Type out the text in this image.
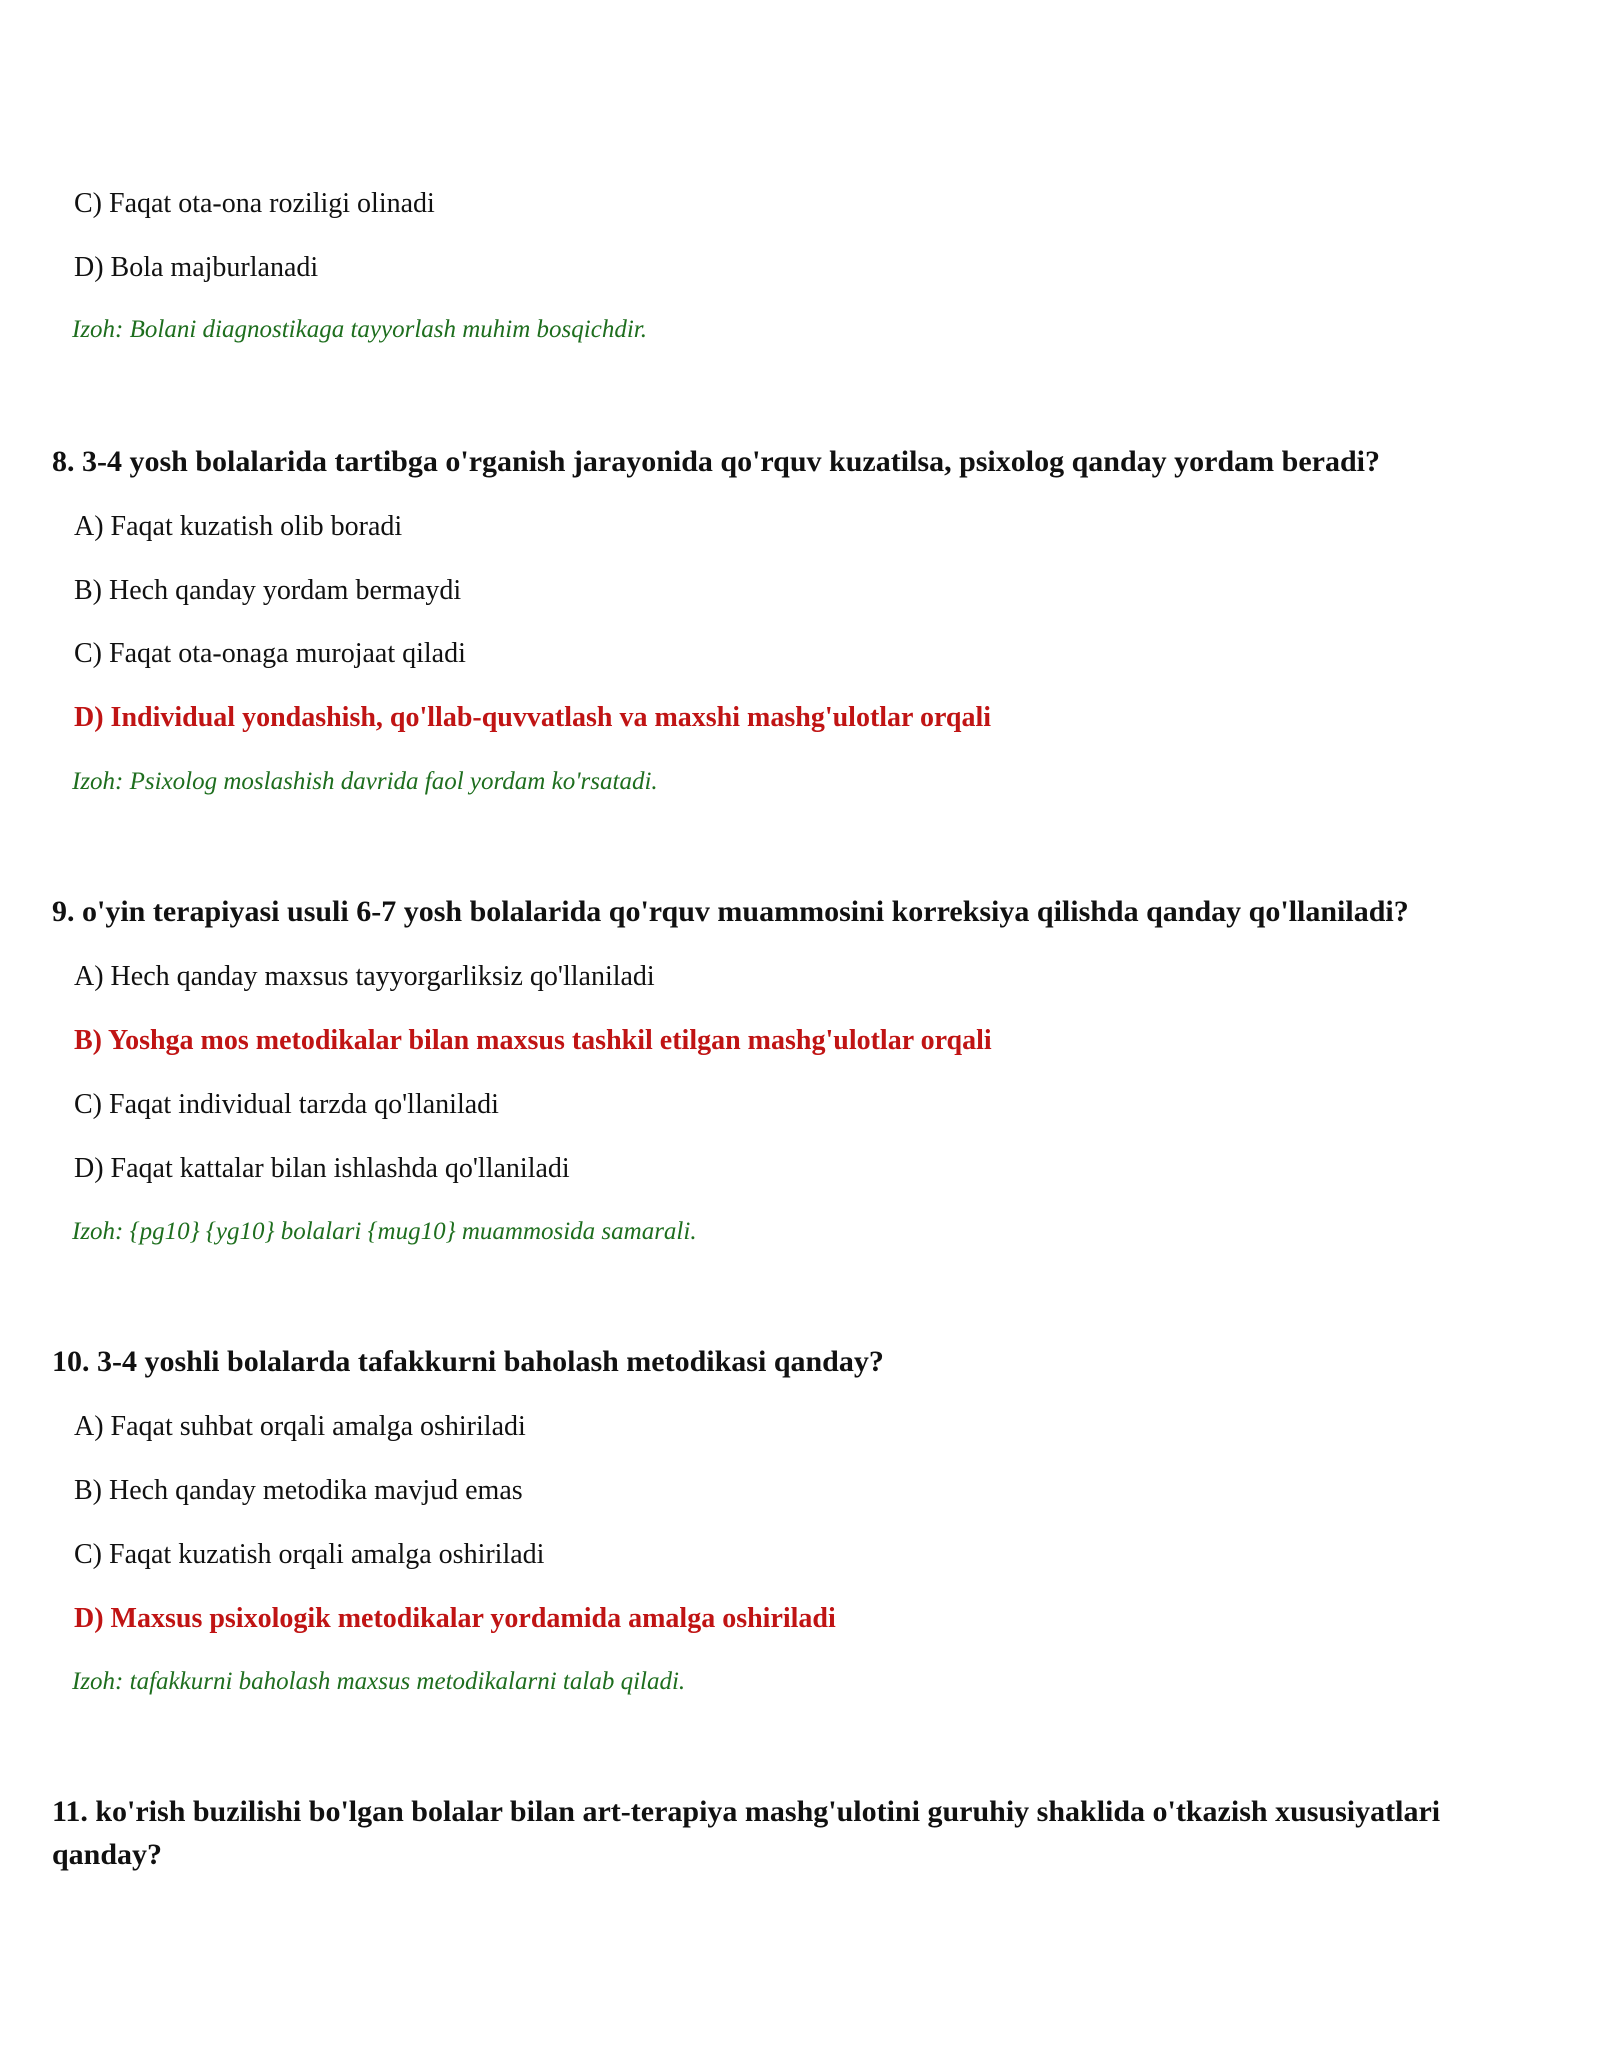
C) Faqat ota-ona roziligi olinadi
D) Bola majburlanadi
Izoh: Bolani diagnostikaga tayyorlash muhim bosqichdir.
8. 3-4 yosh bolalarida tartibga o'rganish jarayonida qo'rquv kuzatilsa, psixolog qanday yordam beradi?
A) Faqat kuzatish olib boradi
B) Hech qanday yordam bermaydi
C) Faqat ota-onaga murojaat qiladi
D) Individual yondashish, qo'llab-quvvatlash va maxshi mashg'ulotlar orqali
Izoh: Psixolog moslashish davrida faol yordam ko'rsatadi.
9. o'yin terapiyasi usuli 6-7 yosh bolalarida qo'rquv muammosini korreksiya qilishda qanday qo'llaniladi?
A) Hech qanday maxsus tayyorgarliksiz qo'llaniladi
B) Yoshga mos metodikalar bilan maxsus tashkil etilgan mashg'ulotlar orqali
C) Faqat individual tarzda qo'llaniladi
D) Faqat kattalar bilan ishlashda qo'llaniladi
Izoh: {pg10} {yg10} bolalari {mug10} muammosida samarali.
10. 3-4 yoshli bolalarda tafakkurni baholash metodikasi qanday?
A) Faqat suhbat orqali amalga oshiriladi
B) Hech qanday metodika mavjud emas
C) Faqat kuzatish orqali amalga oshiriladi
D) Maxsus psixologik metodikalar yordamida amalga oshiriladi
Izoh: tafakkurni baholash maxsus metodikalarni talab qiladi.
11. ko'rish buzilishi bo'lgan bolalar bilan art-terapiya mashg'ulotini guruhiy shaklida o'tkazish xususiyatlari qanday?
